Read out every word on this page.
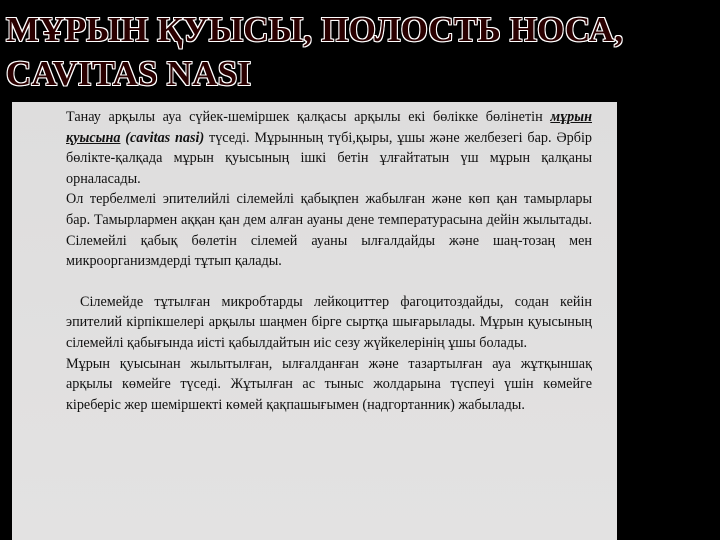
МҰРЫН ҚУЫСЫ, ПОЛОСТЬ НОСА, CAVITAS NASI

Танау арқылы ауа сүйек-шеміршек қалқасы арқылы екі бөлікке бөлінетін мұрын қуысына (cavitas nasi) түседі. Мұрынның түбі,қыры, ұшы және желбезегі бар. Әрбір бөлікте-қалқада мұрын қуысының ішкі бетін ұлғайтатын үш мұрын қалқаны орналасады.

Ол тербелмелі эпителийлі сілемейлі қабықпен жабылған және көп қан тамырлары бар. Тамырлармен аққан қан дем алған ауаны дене температурасына дейін жылытады. Сілемейлі қабық бөлетін сілемей ауаны ылғалдайды және шаң-тозаң мен микроорганизмдерді тұтып қалады.

Сілемейде тұтылған микробтарды лейкоциттер фагоцитоздайды, содан кейін эпителий кірпікшелері арқылы шаңмен бірге сыртқа шығарылады. Мұрын қуысының сілемейлі қабығында иісті қабылдайтын иіс сезу жүйкелерінің ұшы болады.

Мұрын қуысынан жылытылған, ылғалданған және тазартылған ауа жұтқыншақ арқылы көмейге түседі. Жұтылған ас тыныс жолдарына түспеуі үшін көмейге кіреберіс жер шеміршекті көмей қақпашығымен (надгортанник) жабылады.
